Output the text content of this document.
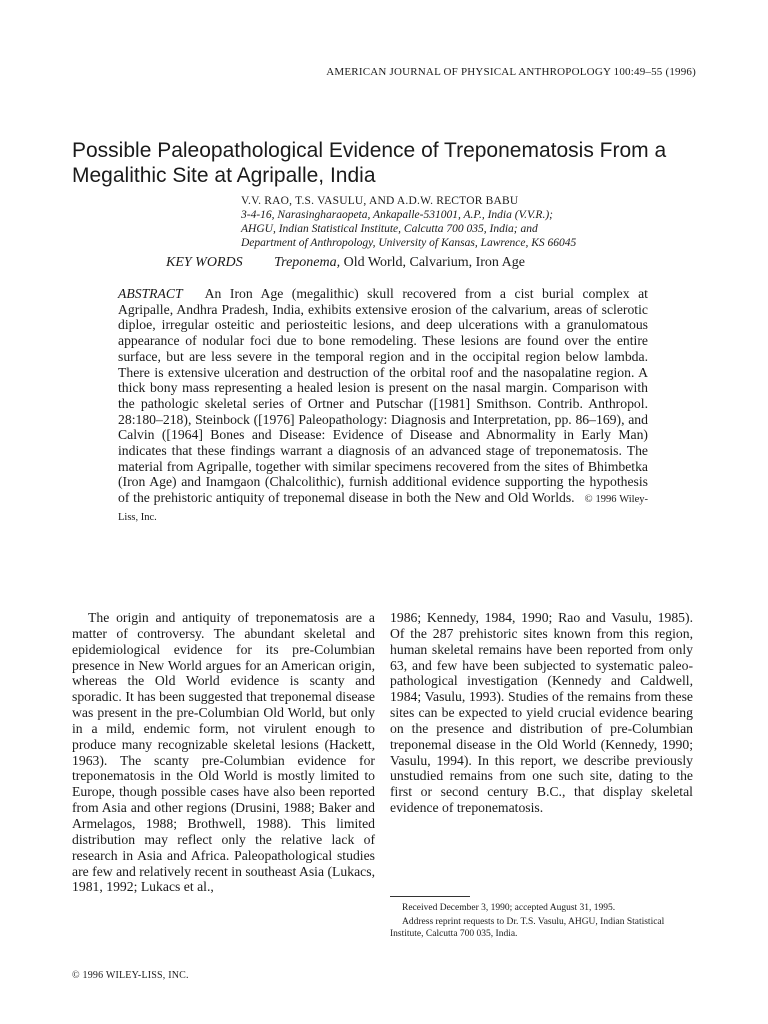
AMERICAN JOURNAL OF PHYSICAL ANTHROPOLOGY 100:49–55 (1996)
Possible Paleopathological Evidence of Treponematosis From a Megalithic Site at Agripalle, India
V.V. RAO, T.S. VASULU, AND A.D.W. RECTOR BABU
3-4-16, Narasingharaopeta, Ankapalle-531001, A.P., India (V.V.R.);
AHGU, Indian Statistical Institute, Calcutta 700 035, India; and
Department of Anthropology, University of Kansas, Lawrence, KS 66045
KEY WORDS Treponema, Old World, Calvarium, Iron Age
ABSTRACT An Iron Age (megalithic) skull recovered from a cist burial complex at Agripalle, Andhra Pradesh, India, exhibits extensive erosion of the calvarium, areas of sclerotic diploe, irregular osteitic and periosteitic lesions, and deep ulcerations with a granulomatous appearance of nodular foci due to bone remodeling. These lesions are found over the entire surface, but are less severe in the temporal region and in the occipital region below lambda. There is extensive ulceration and destruction of the orbital roof and the nasopalatine region. A thick bony mass representing a healed lesion is present on the nasal margin. Comparison with the pathologic skeletal series of Ortner and Putschar ([1981] Smithson. Contrib. Anthropol. 28:180–218), Steinbock ([1976] Paleopathology: Diagnosis and Interpretation, pp. 86–169), and Calvin ([1964] Bones and Disease: Evidence of Disease and Abnormality in Early Man) indicates that these findings warrant a diagnosis of an advanced stage of treponematosis. The material from Agripalle, together with similar specimens recovered from the sites of Bhimbetka (Iron Age) and Inamgaon (Chalcolithic), furnish additional evidence supporting the hypothesis of the prehistoric antiquity of treponemal disease in both the New and Old Worlds. © 1996 Wiley-Liss, Inc.

The origin and antiquity of treponematosis are a matter of controversy. The abundant skeletal and epidemiological evidence for its pre-Columbian presence in New World argues for an American origin, whereas the Old World evidence is scanty and sporadic. It has been suggested that treponemal disease was present in the pre-Columbian Old World, but only in a mild, endemic form, not virulent enough to produce many recognizable skeletal lesions (Hackett, 1963). The scanty pre-Columbian evidence for treponematosis in the Old World is mostly limited to Europe, though possible cases have also been reported from Asia and other regions (Drusini, 1988; Baker and Armelagos, 1988; Brothwell, 1988). This limited distribution may reflect only the relative lack of research in Asia and Africa. Paleopathological studies are few and relatively recent in southeast Asia (Lukacs, 1981, 1992; Lukacs et al.,

1986; Kennedy, 1984, 1990; Rao and Vasulu, 1985). Of the 287 prehistoric sites known from this region, human skeletal remains have been reported from only 63, and few have been subjected to systematic paleopathological investigation (Kennedy and Caldwell, 1984; Vasulu, 1993). Studies of the remains from these sites can be expected to yield crucial evidence bearing on the presence and distribution of pre-Columbian treponemal disease in the Old World (Kennedy, 1990; Vasulu, 1994). In this report, we describe previously unstudied remains from one such site, dating to the first or second century B.C., that display skeletal evidence of treponematosis.

Received December 3, 1990; accepted August 31, 1995.

Address reprint requests to Dr. T.S. Vasulu, AHGU, Indian Statistical Institute, Calcutta 700 035, India.

© 1996 WILEY-LISS, INC.
